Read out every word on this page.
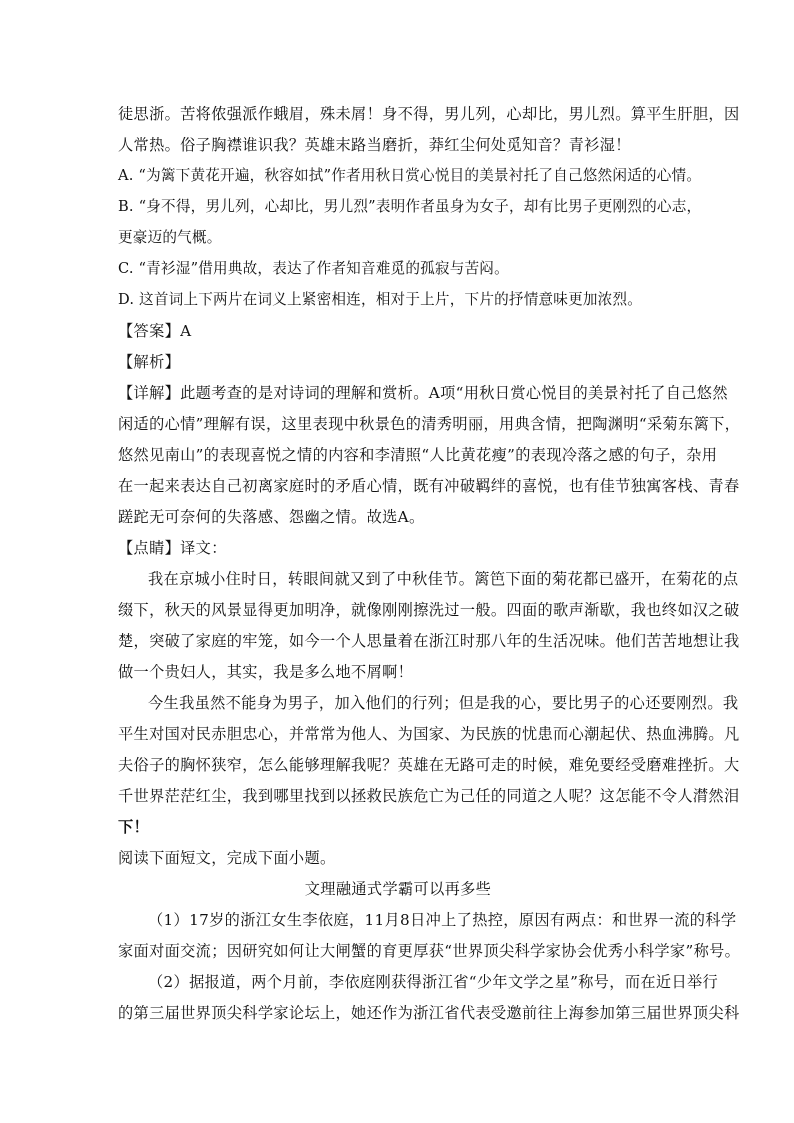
徒思浙。苦将侬强派作蛾眉，殊未屑！身不得，男儿列，心却比，男儿烈。算平生肝胆，因
人常热。俗子胸襟谁识我？英雄末路当磨折，莽红尘何处觅知音？青衫湿！
A. “为篱下黄花开遍，秋容如拭”作者用秋日赏心悦目的美景衬托了自己悠然闲适的心情。
B. “身不得，男儿列，心却比，男儿烈”表明作者虽身为女子，却有比男子更刚烈的心志，
更豪迈的气概。
C. “青衫湿”借用典故，表达了作者知音难觅的孤寂与苦闷。
D. 这首词上下两片在词义上紧密相连，相对于上片，下片的抒情意味更加浓烈。
【答案】A
【解析】
【详解】此题考查的是对诗词的理解和赏析。A项“用秋日赏心悦目的美景衬托了自己悠然
闲适的心情”理解有误，这里表现中秋景色的清秀明丽，用典含情，把陶渊明“采菊东篱下，
悠然见南山”的表现喜悦之情的内容和李清照“人比黄花瘦”的表现冷落之感的句子，杂用
在一起来表达自己初离家庭时的矛盾心情，既有冲破羁绊的喜悦，也有佳节独寓客栈、青春
蹉跎无可奈何的失落感、怨幽之情。故选A。
【点睛】译文：
我在京城小住时日，转眼间就又到了中秋佳节。篱笆下面的菊花都已盛开，在菊花的点
缀下，秋天的风景显得更加明净，就像刚刚擦洗过一般。四面的歌声渐歇，我也终如汉之破
楚，突破了家庭的牢笼，如今一个人思量着在浙江时那八年的生活况味。他们苦苦地想让我
做一个贵妇人，其实，我是多么地不屑啊！
今生我虽然不能身为男子，加入他们的行列；但是我的心，要比男子的心还要刚烈。我
平生对国对民赤胆忠心，并常常为他人、为国家、为民族的忧患而心潮起伏、热血沸腾。凡
夫俗子的胸怀狭窄，怎么能够理解我呢？英雄在无路可走的时候，难免要经受磨难挫折。大
千世界茫茫红尘，我到哪里找到以拯救民族危亡为己任的同道之人呢？这怎能不令人潸然泪
下！
阅读下面短文，完成下面小题。
文理融通式学霸可以再多些
（1）17岁的浙江女生李依庭，11月8日冲上了热控，原因有两点：和世界一流的科学
家面对面交流；因研究如何让大闸蟹的育更厚获“世界顶尖科学家协会优秀小科学家”称号。
（2）据报道，两个月前，李依庭刚获得浙江省“少年文学之星”称号，而在近日举行
的第三届世界顶尖科学家论坛上，她还作为浙江省代表受邀前往上海参加第三届世界顶尖科
